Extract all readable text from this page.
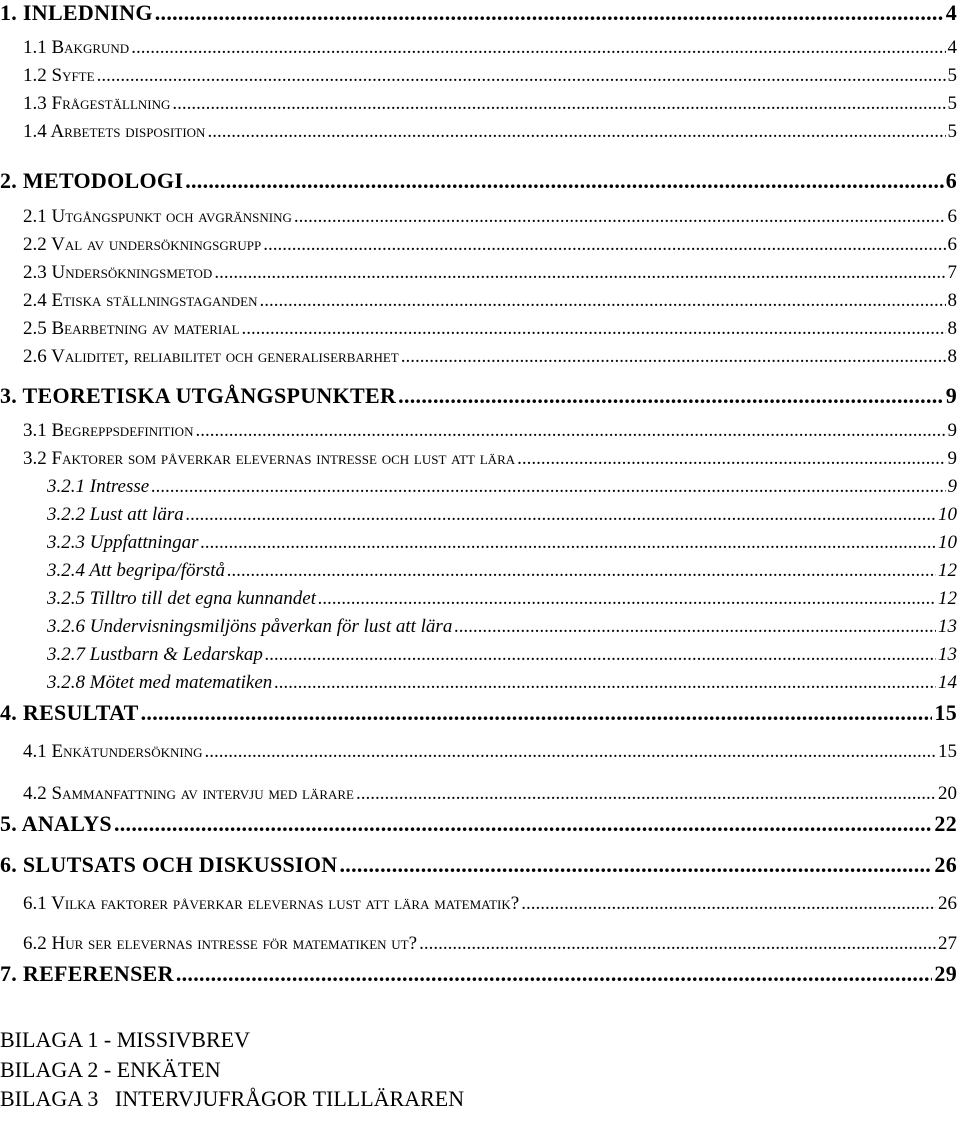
1. INLEDNING .....	4
1.1 Bakgrund .....	4
1.2 Syfte .....	5
1.3 Frågeställning .....	5
1.4 Arbetets disposition .....	5
2. METODOLOGI .....	6
2.1 Utgångspunkt och avgränsning .....	6
2.2 Val av undersökningsgrupp .....	6
2.3 Undersökningsmetod .....	7
2.4 Etiska ställningstaganden .....	8
2.5 Bearbetning av material .....	8
2.6 Validitet, reliabilitet och generaliserbarhet .....	8
3. TEORETISKA UTGÅNGSPUNKTER .....	9
3.1 Begreppsdefinition .....	9
3.2 Faktorer som påverkar elevernas intresse och lust att lära .....	9
3.2.1 Intresse .....	9
3.2.2 Lust att lära .....	10
3.2.3 Uppfattningar .....	10
3.2.4 Att begripa/förstå .....	12
3.2.5 Tilltro till det egna kunnandet .....	12
3.2.6 Undervisningsmiljöns påverkan för lust att lära .....	13
3.2.7 Lustbarn & Ledarskap .....	13
3.2.8 Mötet med matematiken .....	14
4. RESULTAT .....	15
4.1 Enkätundersökning .....	15
4.2 Sammanfattning av intervju med lärare .....	20
5. ANALYS .....	22
6. SLUTSATS OCH DISKUSSION .....	26
6.1 Vilka faktorer påverkar elevernas lust att lära matematik? .....	26
6.2 Hur ser elevernas intresse för matematiken ut? .....	27
7. REFERENSER .....	29
BILAGA 1 - MISSIVBREV
BILAGA 2 - ENKÄTEN
BILAGA 3   INTERVJUFRÅGOR TILLLÄRAREN
